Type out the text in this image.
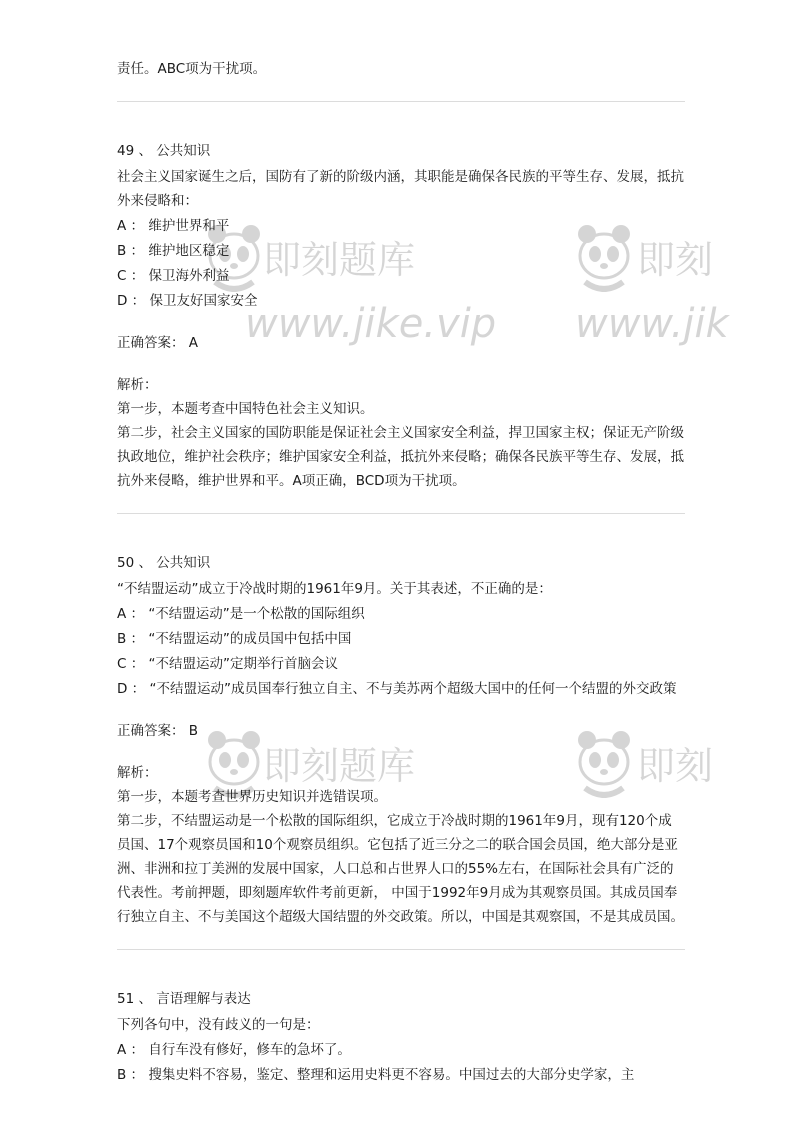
责任。ABC项为干扰项。
49 、 公共知识
社会主义国家诞生之后，国防有了新的阶级内涵，其职能是确保各民族的平等生存、发展，抵抗外来侵略和：
A ： 维护世界和平
B ： 维护地区稳定
C ： 保卫海外利益
D ： 保卫友好国家安全
正确答案： A
解析：
第一步，本题考查中国特色社会主义知识。
第二步，社会主义国家的国防职能是保证社会主义国家安全利益，捍卫国家主权；保证无产阶级执政地位，维护社会秩序；维护国家安全利益，抵抗外来侵略；确保各民族平等生存、发展，抵抗外来侵略，维护世界和平。A项正确，BCD项为干扰项。
50 、 公共知识
“不结盟运动”成立于冷战时期的1961年9月。关于其表述，不正确的是：
A ： “不结盟运动”是一个松散的国际组织
B ： “不结盟运动”的成员国中包括中国
C ： “不结盟运动”定期举行首脑会议
D ： “不结盟运动”成员国奉行独立自主、不与美苏两个超级大国中的任何一个结盟的外交政策
正确答案： B
解析：
第一步，本题考查世界历史知识并选错误项。
第二步，不结盟运动是一个松散的国际组织，它成立于冷战时期的1961年9月，现有120个成员国、17个观察员国和10个观察员组织。它包括了近三分之二的联合国会员国，绝大部分是亚洲、非洲和拉丁美洲的发展中国家，人口总和占世界人口的55%左右，在国际社会具有广泛的代表性。考前押题，即刻题库软件考前更新， 中国于1992年9月成为其观察员国。其成员国奉行独立自主、不与美国这个超级大国结盟的外交政策。所以，中国是其观察国，不是其成员国。
51 、 言语理解与表达
下列各句中，没有歧义的一句是：
A ： 自行车没有修好，修车的急坏了。
B ： 搜集史料不容易，鉴定、整理和运用史料更不容易。中国过去的大部分史学家，主
即刻题库
www.jike.vip
即刻
www.jik
即刻题库	即刻
